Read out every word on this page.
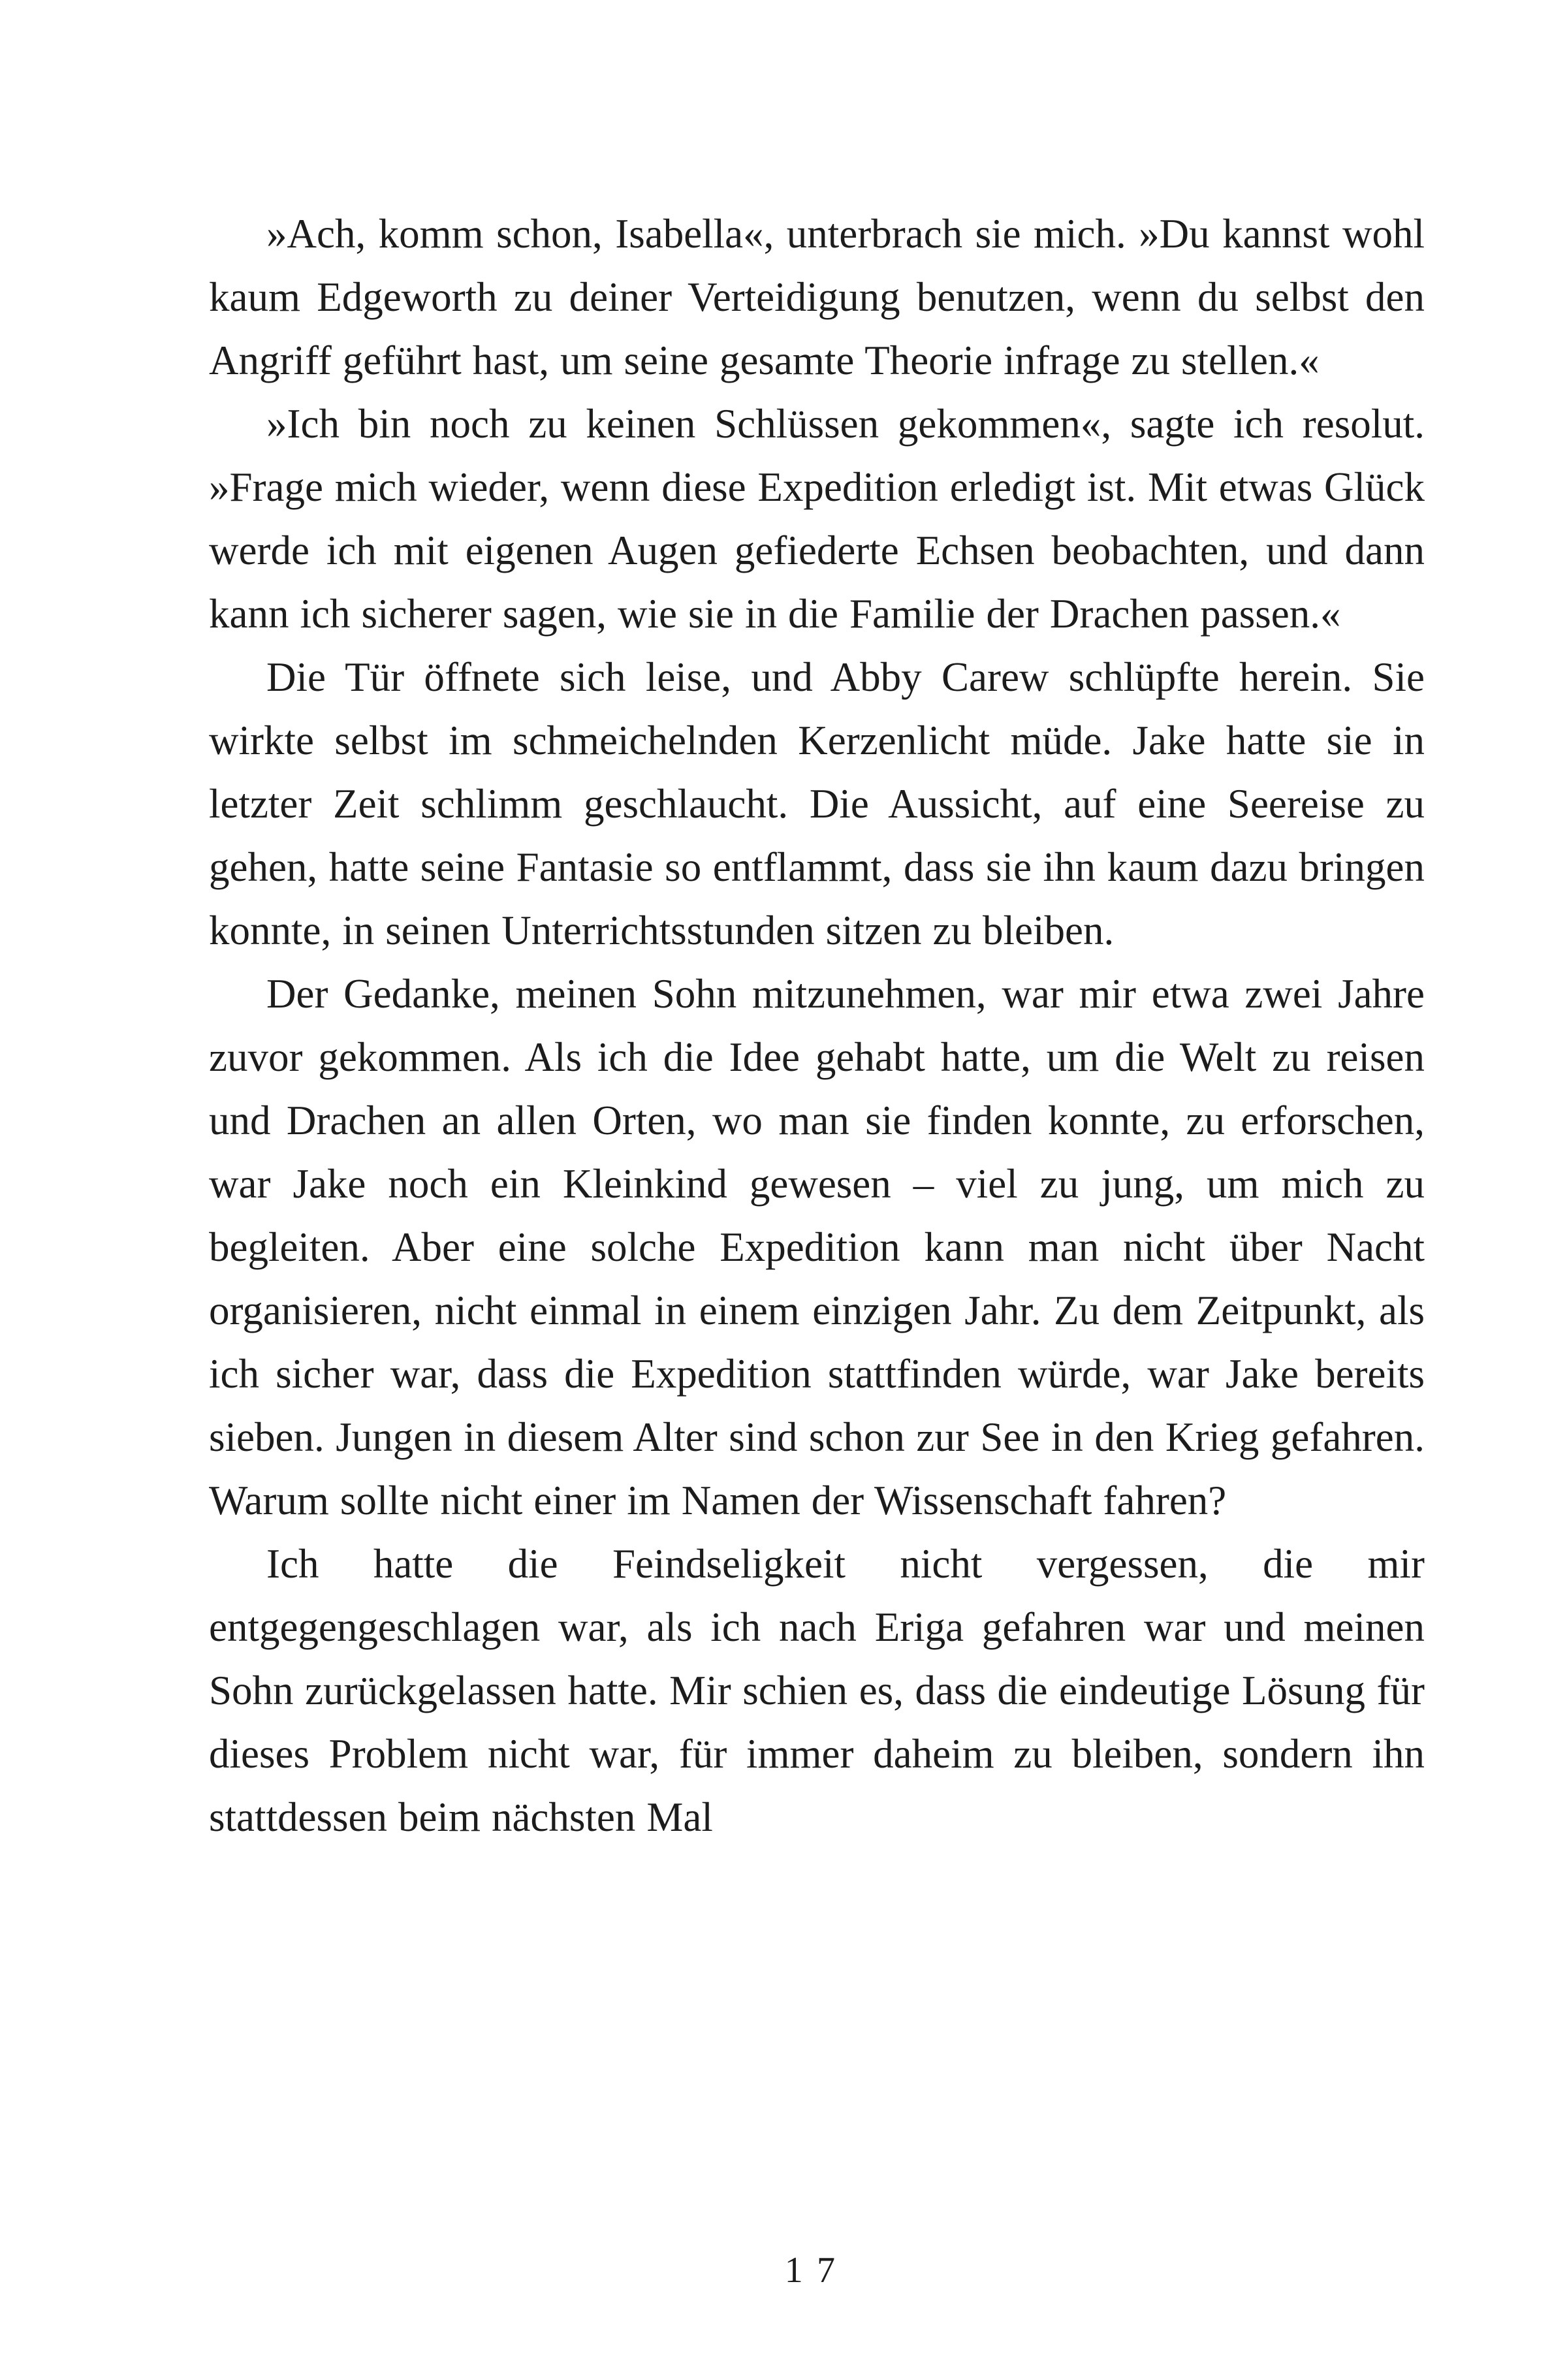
»Ach, komm schon, Isabella«, unterbrach sie mich. »Du kannst wohl kaum Edgeworth zu deiner Verteidigung benutzen, wenn du selbst den Angriff geführt hast, um seine gesamte Theorie infrage zu stellen.«

»Ich bin noch zu keinen Schlüssen gekommen«, sagte ich resolut. »Frage mich wieder, wenn diese Expedition erledigt ist. Mit etwas Glück werde ich mit eigenen Augen gefiederte Echsen beobachten, und dann kann ich sicherer sagen, wie sie in die Familie der Drachen passen.«

Die Tür öffnete sich leise, und Abby Carew schlüpfte herein. Sie wirkte selbst im schmeichelnden Kerzenlicht müde. Jake hatte sie in letzter Zeit schlimm geschlaucht. Die Aussicht, auf eine Seereise zu gehen, hatte seine Fantasie so entflammt, dass sie ihn kaum dazu bringen konnte, in seinen Unterrichtsstunden sitzen zu bleiben.

Der Gedanke, meinen Sohn mitzunehmen, war mir etwa zwei Jahre zuvor gekommen. Als ich die Idee gehabt hatte, um die Welt zu reisen und Drachen an allen Orten, wo man sie finden konnte, zu erforschen, war Jake noch ein Kleinkind gewesen – viel zu jung, um mich zu begleiten. Aber eine solche Expedition kann man nicht über Nacht organisieren, nicht einmal in einem einzigen Jahr. Zu dem Zeitpunkt, als ich sicher war, dass die Expedition stattfinden würde, war Jake bereits sieben. Jungen in diesem Alter sind schon zur See in den Krieg gefahren. Warum sollte nicht einer im Namen der Wissenschaft fahren?

Ich hatte die Feindseligkeit nicht vergessen, die mir entgegengeschlagen war, als ich nach Eriga gefahren war und meinen Sohn zurückgelassen hatte. Mir schien es, dass die eindeutige Lösung für dieses Problem nicht war, für immer daheim zu bleiben, sondern ihn stattdessen beim nächsten Mal

17
